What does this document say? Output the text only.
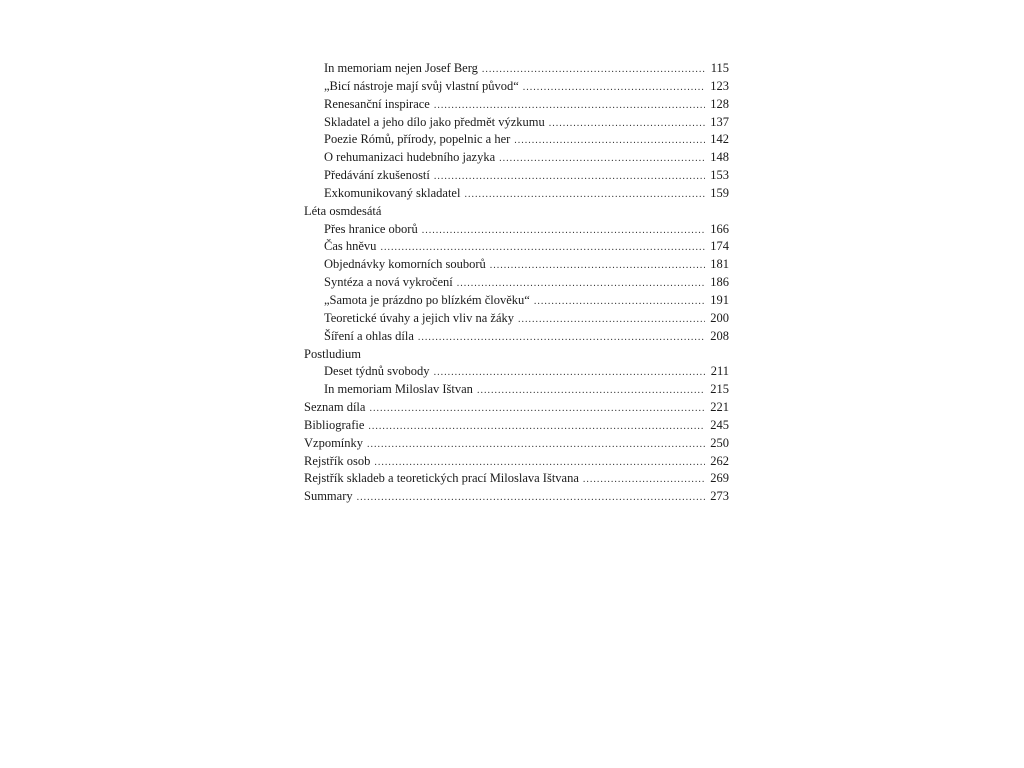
In memoriam nejen Josef Berg .....	115
„Bicí nástroje mají svůj vlastní původ“ .....	123
Renesanční inspirace .....	128
Skladatel a jeho dílo jako předmět výzkumu .....	137
Poezie Rómů, přírody, popelnic a her .....	142
O rehumanizaci hudebního jazyka .....	148
Předávání zkušeností .....	153
Exkomunikovaný skladatel .....	159
Léta osmdesátá
Přes hranice oborů .....	166
Čas hněvu .....	174
Objednávky komorních souborů .....	181
Syntéza a nová vykročení .....	186
„Samota je prázdno po blízkém člověku“ .....	191
Teoretické úvahy a jejich vliv na žáky .....	200
Šíření a ohlas díla .....	208
Postludium
Deset týdnů svobody .....	211
In memoriam Miloslav Ištvan .....	215
Seznam díla .....	221
Bibliografie .....	245
Vzpomínky .....	250
Rejstřík osob .....	262
Rejstřík skladeb a teoretických prací Miloslava Ištvana .....	269
Summary .....	273
